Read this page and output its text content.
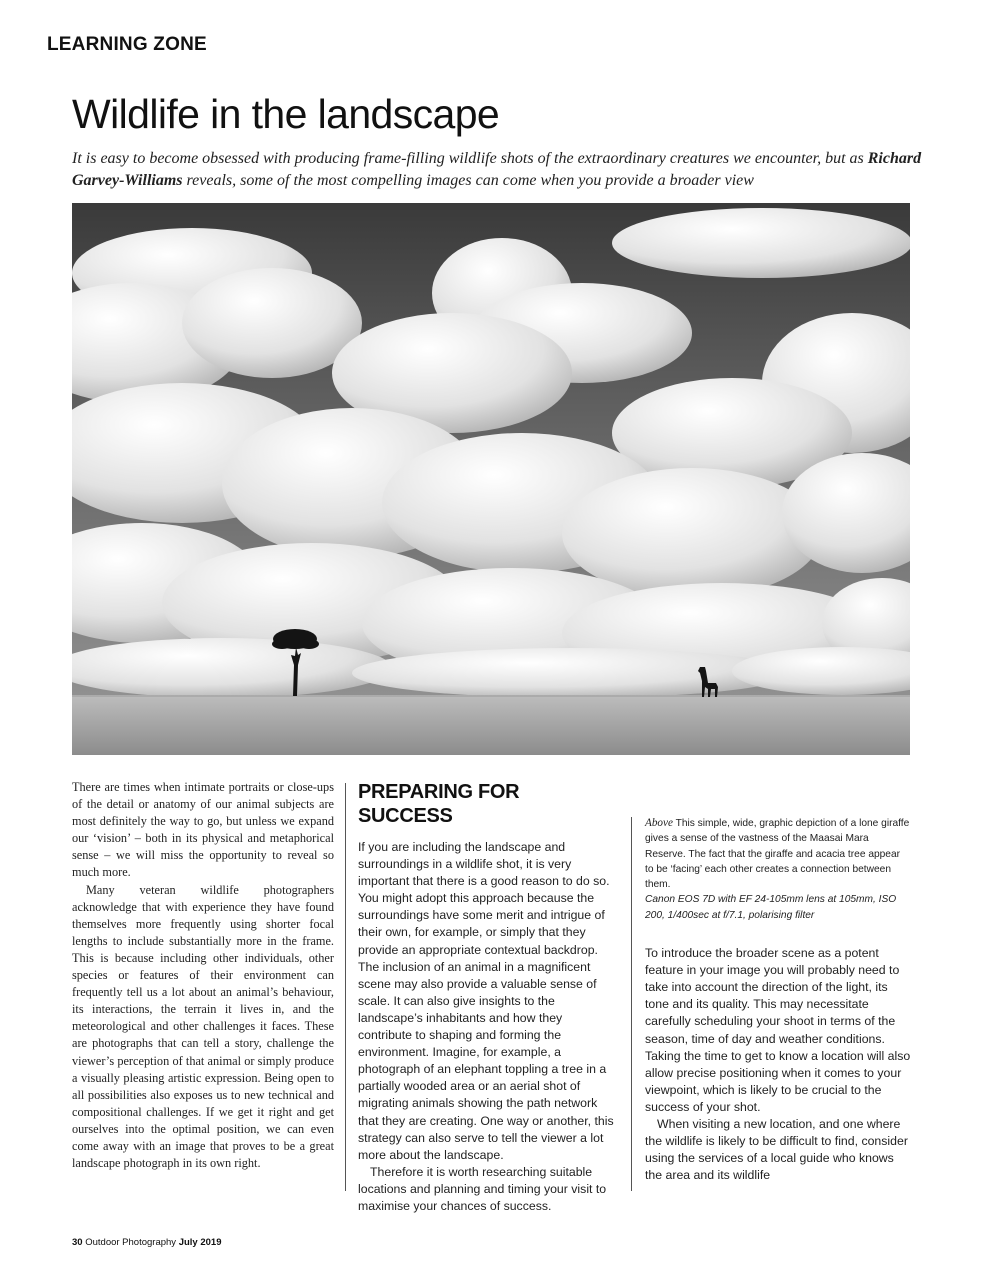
LEARNING ZONE
Wildlife in the landscape
It is easy to become obsessed with producing frame-filling wildlife shots of the extraordinary creatures we encounter, but as Richard Garvey-Williams reveals, some of the most compelling images can come when you provide a broader view

There are times when intimate portraits or close-ups of the detail or anatomy of our animal subjects are most definitely the way to go, but unless we expand our ‘vision’ – both in its physical and metaphorical sense – we will miss the opportunity to reveal so much more.

Many veteran wildlife photographers acknowledge that with experience they have found themselves more frequently using shorter focal lengths to include substantially more in the frame. This is because including other individuals, other species or features of their environment can frequently tell us a lot about an animal’s behaviour, its interactions, the terrain it lives in, and the meteorological and other challenges it faces. These are photographs that can tell a story, challenge the viewer’s perception of that animal or simply produce a visually pleasing artistic expression. Being open to all possibilities also exposes us to new technical and compositional challenges. If we get it right and get ourselves into the optimal position, we can even come away with an image that proves to be a great landscape photograph in its own right.

PREPARING FOR SUCCESS

If you are including the landscape and surroundings in a wildlife shot, it is very important that there is a good reason to do so. You might adopt this approach because the surroundings have some merit and intrigue of their own, for example, or simply that they provide an appropriate contextual backdrop. The inclusion of an animal in a magnificent scene may also provide a valuable sense of scale. It can also give insights to the landscape’s inhabitants and how they contribute to shaping and forming the environment. Imagine, for example, a photograph of an elephant toppling a tree in a partially wooded area or an aerial shot of migrating animals showing the path network that they are creating. One way or another, this strategy can also serve to tell the viewer a lot more about the landscape.

Therefore it is worth researching suitable locations and planning and timing your visit to maximise your chances of success.

Above This simple, wide, graphic depiction of a lone giraffe gives a sense of the vastness of the Maasai Mara Reserve. The fact that the giraffe and acacia tree appear to be ‘facing’ each other creates a connection between them.
Canon EOS 7D with EF 24-105mm lens at 105mm, ISO 200, 1/400sec at f/7.1, polarising filter

To introduce the broader scene as a potent feature in your image you will probably need to take into account the direction of the light, its tone and its quality. This may necessitate carefully scheduling your shoot in terms of the season, time of day and weather conditions. Taking the time to get to know a location will also allow precise positioning when it comes to your viewpoint, which is likely to be crucial to the success of your shot.

When visiting a new location, and one where the wildlife is likely to be difficult to find, consider using the services of a local guide who knows the area and its wildlife

30 Outdoor Photography July 2019
